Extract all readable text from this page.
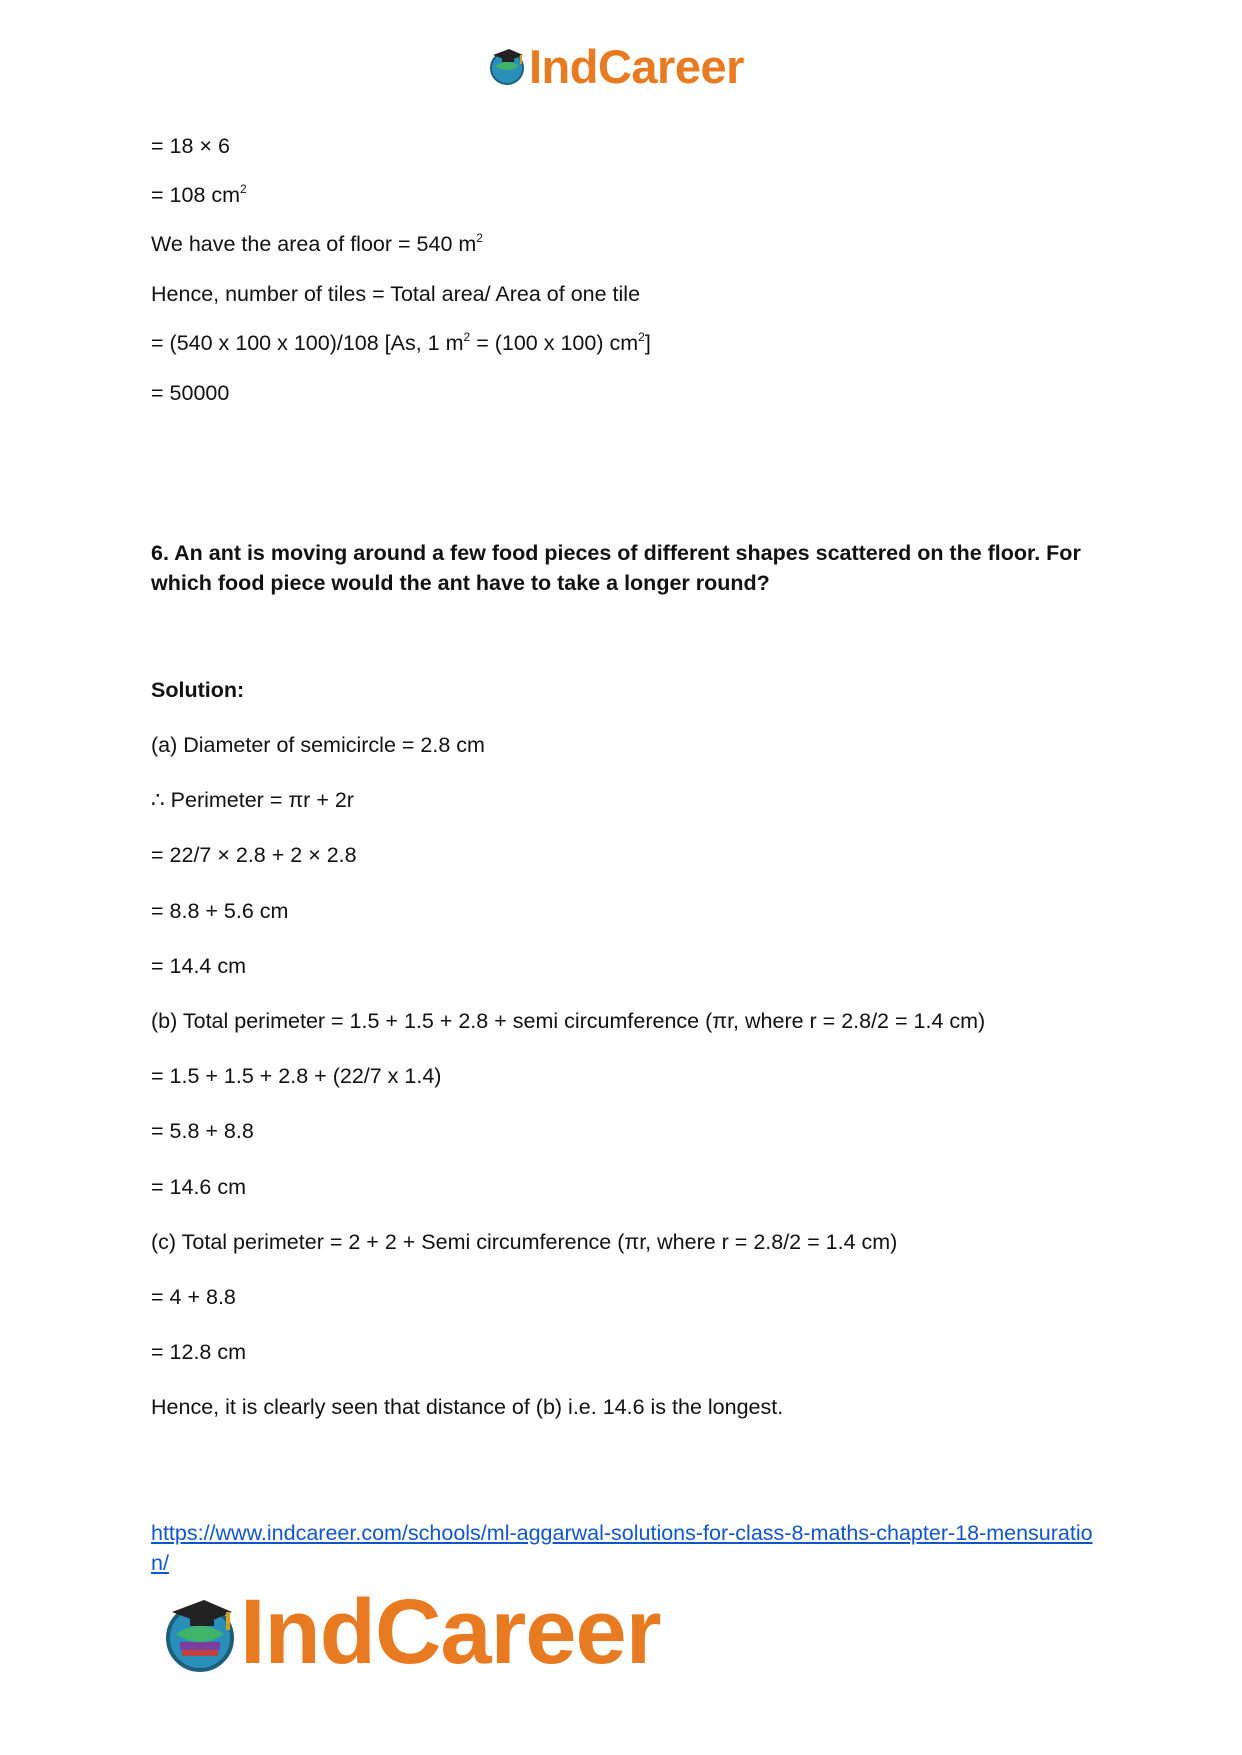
IndCareer
= 18 × 6
= 108 $cm^2$
We have the area of floor = 540 $m^2$
Hence, number of tiles = Total area/ Area of one tile
= (540 x 100 x 100)/108 [As, 1 $m^2 = (100$ x 100) $cm^2$]
= 50000
6. An ant is moving around a few food pieces of different shapes scattered on the floor. For which food piece would the ant have to take a longer round?
Solution:
(a) Diameter of semicircle = 2.8 cm
∴ Perimeter = πr + 2r
= 22/7 × 2.8 + 2 × 2.8
= 8.8 + 5.6 cm
= 14.4 cm
(b) Total perimeter = 1.5 + 1.5 + 2.8 + semi circumference (πr, where r = 2.8/2 = 1.4 cm)
= 1.5 + 1.5 + 2.8 + (22/7 x 1.4)
= 5.8 + 8.8
= 14.6 cm
(c) Total perimeter = 2 + 2 + Semi circumference (πr, where r = 2.8/2 = 1.4 cm)
= 4 + 8.8
= 12.8 cm
Hence, it is clearly seen that distance of (b) i.e. 14.6 is the longest.
https://www.indcareer.com/schools/ml-aggarwal-solutions-for-class-8-maths-chapter-18-mensuration/
IndCareer
